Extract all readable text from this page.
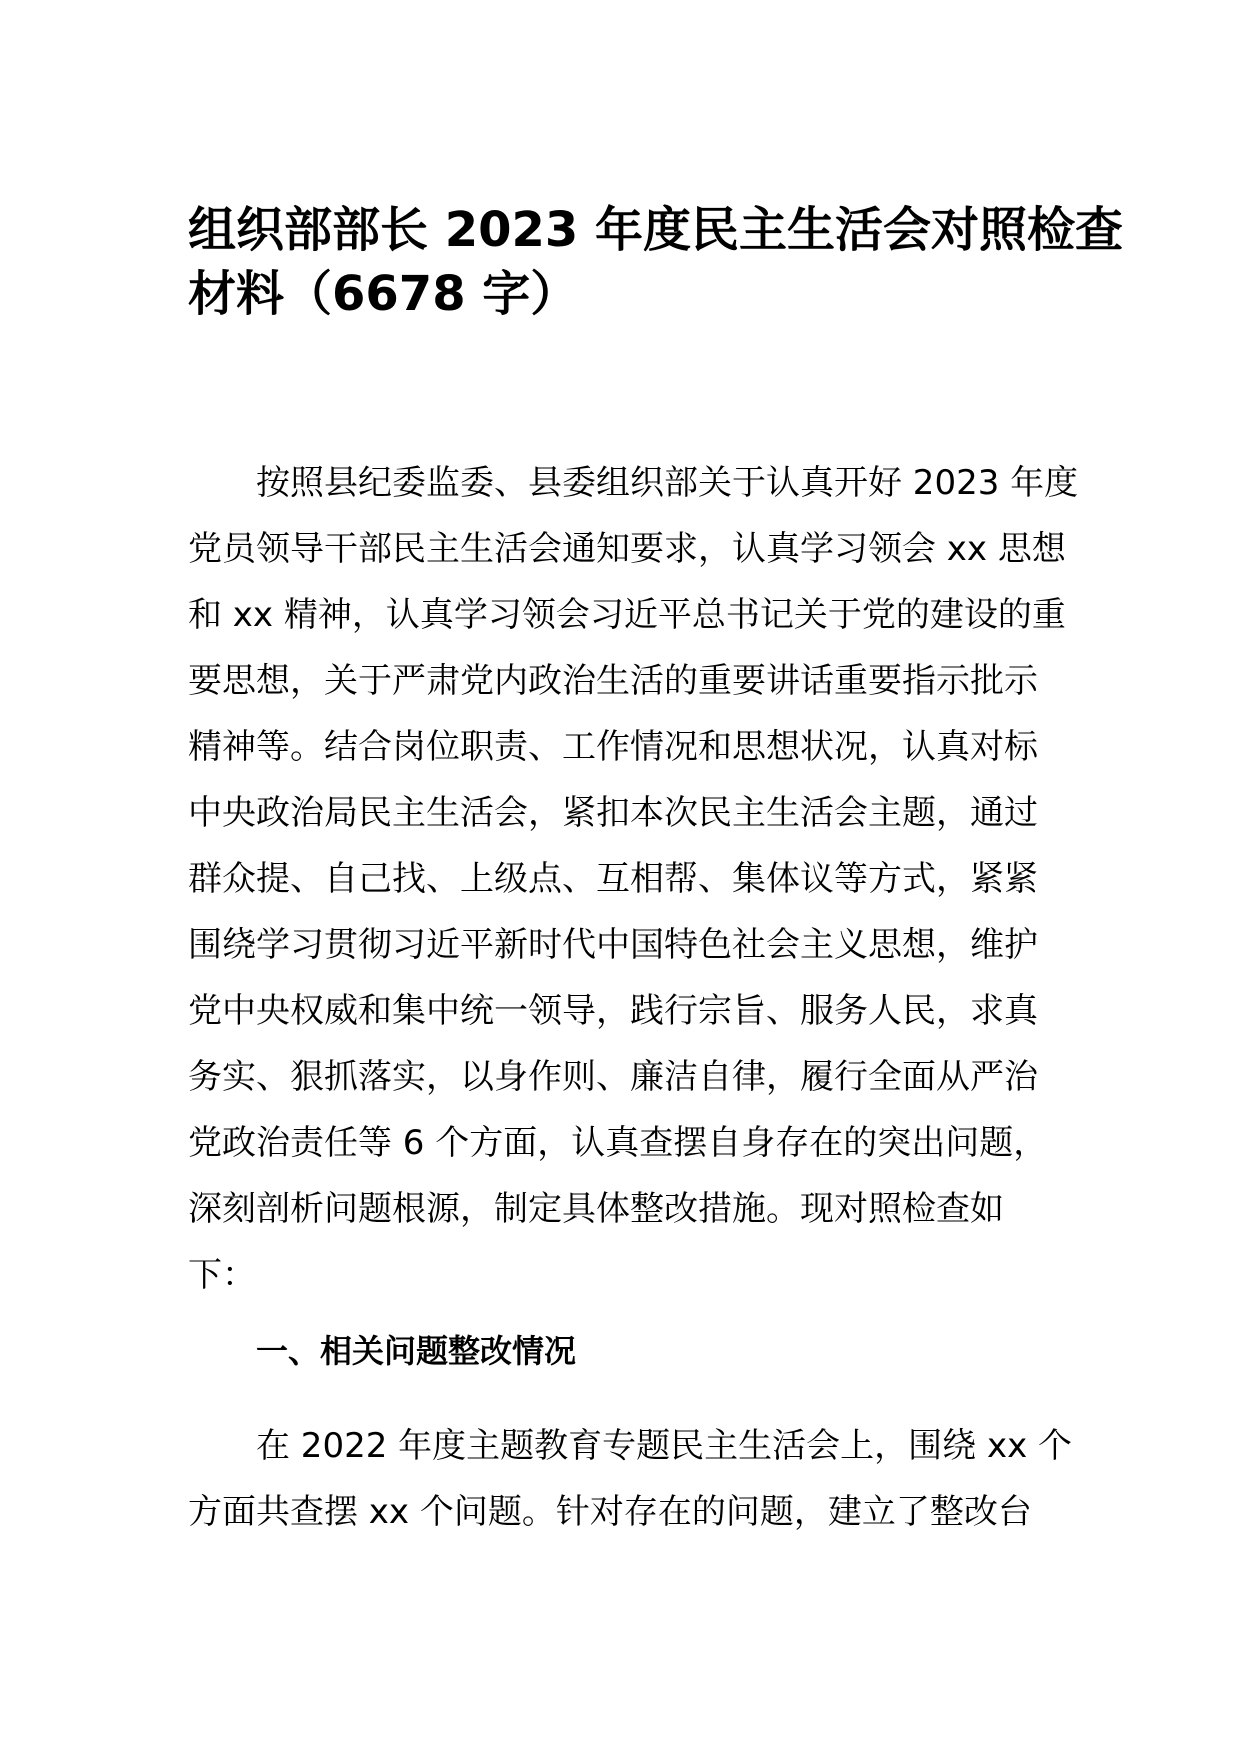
组织部部长 2023 年度民主生活会对照检查
材料（6678 字）

按照县纪委监委、县委组织部关于认真开好 2023 年度
党员领导干部民主生活会通知要求，认真学习领会 xx 思想
和 xx 精神，认真学习领会习近平总书记关于党的建设的重
要思想，关于严肃党内政治生活的重要讲话重要指示批示
精神等。结合岗位职责、工作情况和思想状况，认真对标
中央政治局民主生活会，紧扣本次民主生活会主题，通过
群众提、自己找、上级点、互相帮、集体议等方式，紧紧
围绕学习贯彻习近平新时代中国特色社会主义思想，维护
党中央权威和集中统一领导，践行宗旨、服务人民，求真
务实、狠抓落实，以身作则、廉洁自律，履行全面从严治
党政治责任等 6 个方面，认真查摆自身存在的突出问题，
深刻剖析问题根源，制定具体整改措施。现对照检查如
下：

一、相关问题整改情况

在 2022 年度主题教育专题民主生活会上，围绕 xx 个
方面共查摆 xx 个问题。针对存在的问题，建立了整改台
